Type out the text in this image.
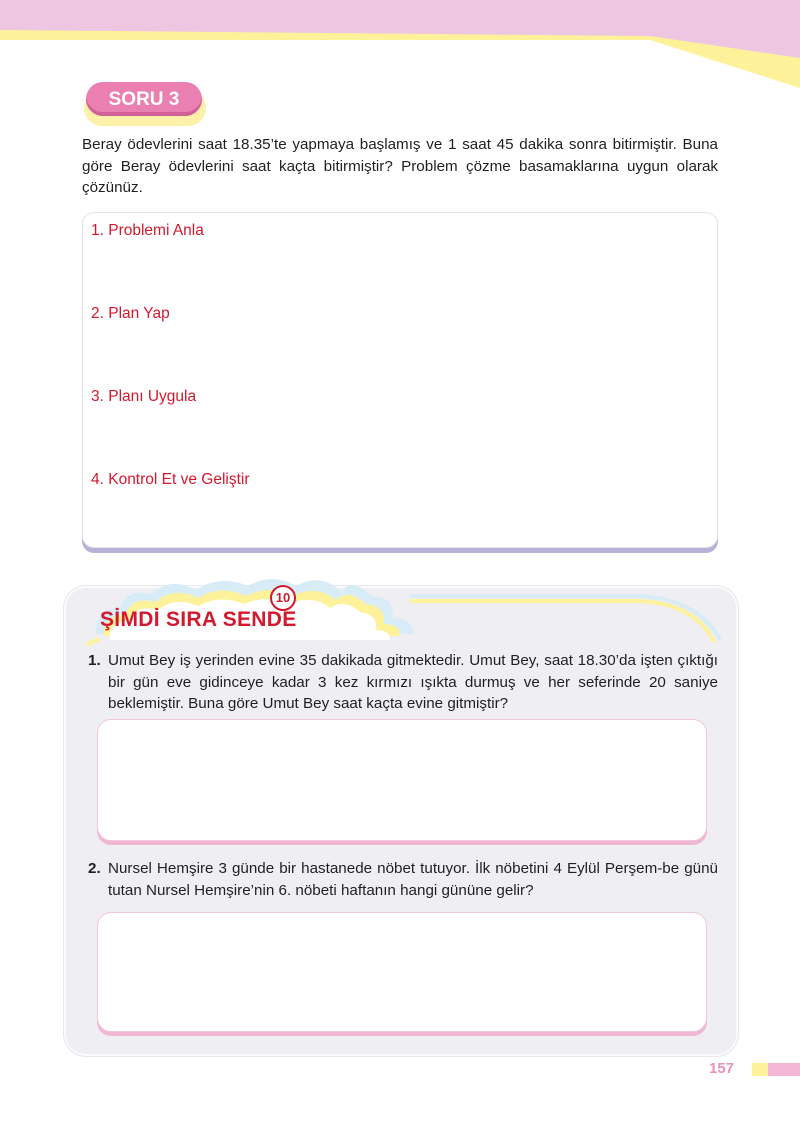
SORU 3

Beray ödevlerini saat 18.35’te yapmaya başlamış ve 1 saat 45 dakika sonra bitirmiştir. Buna göre Beray ödevlerini saat kaçta bitirmiştir? Problem çözme basamaklarına uygun olarak çözünüz.

1. Problemi Anla
2. Plan Yap
3. Planı Uygula
4. Kontrol Et ve Geliştir
10
ŞİMDİ SIRA SENDE
1. Umut Bey iş yerinden evine 35 dakikada gitmektedir. Umut Bey, saat 18.30’da işten çıktığı bir gün eve gidinceye kadar 3 kez kırmızı ışıkta durmuş ve her seferinde 20 saniye beklemiştir. Buna göre Umut Bey saat kaçta evine gitmiştir?
2. Nursel Hemşire 3 günde bir hastanede nöbet tutuyor. İlk nöbetini 4 Eylül Perşem-be günü tutan Nursel Hemşire’nin 6. nöbeti haftanın hangi gününe gelir?
157
